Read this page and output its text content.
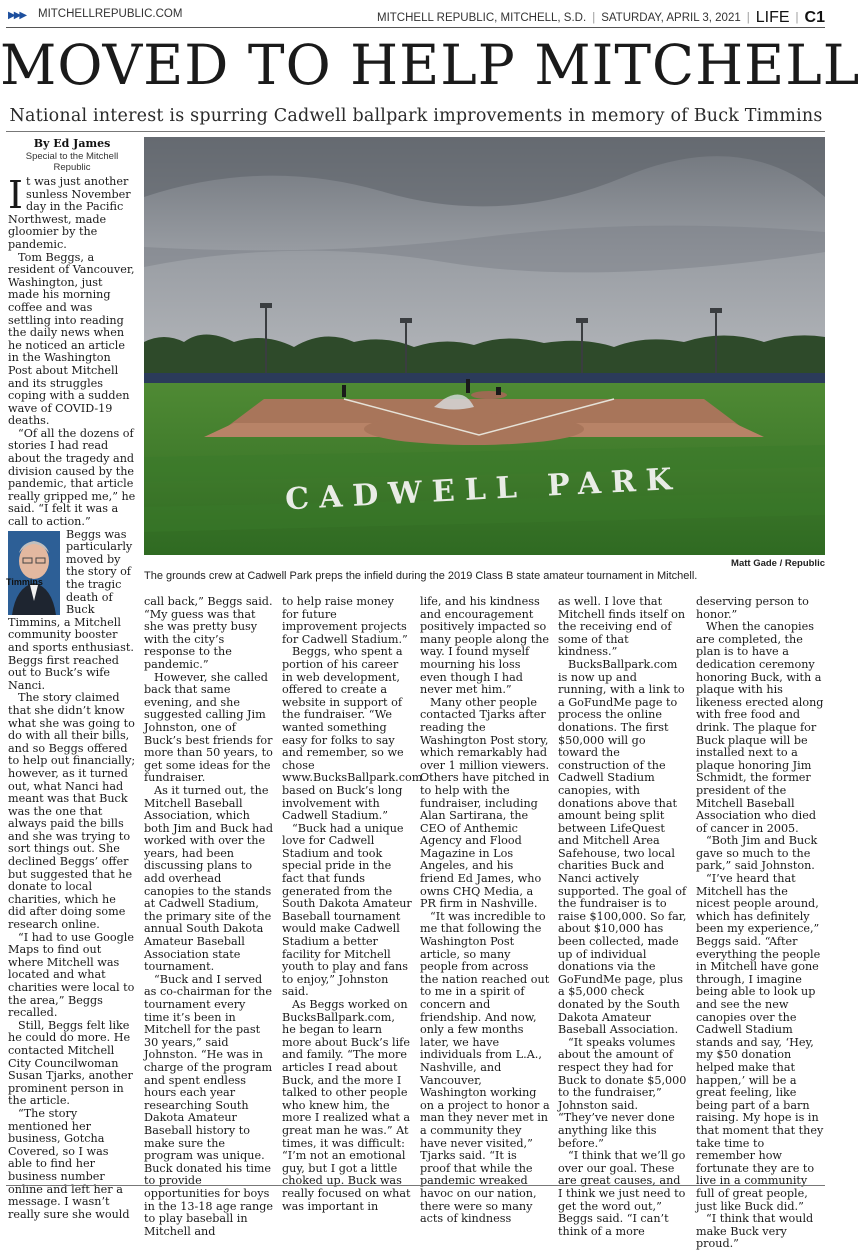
▶▶▶ MITCHELLREPUBLIC.COM	MITCHELL REPUBLIC, MITCHELL, S.D. | SATURDAY, APRIL 3, 2021 | LIFE | C1
MOVED TO HELP MITCHELL
National interest is spurring Cadwell ballpark improvements in memory of Buck Timmins
By Ed James
Special to the Mitchell Republic
CADWELL PARK
Matt Gade / Republic
The grounds crew at Cadwell Park preps the infield during the 2019 Class B state amateur tournament in Mitchell.

It was just another sunless November day in the Pacific Northwest, made gloomier by the pandemic.

Tom Beggs, a resident of Vancouver, Washington, just made his morning coffee and was settling into reading the daily news when he noticed an article in the Washington Post about Mitchell and its struggles coping with a sudden wave of COVID-19 deaths.

“Of all the dozens of stories I had read about the tragedy and division caused by the pandemic, that article really gripped me,” he said. “I felt it was a call to action.”

Beggs was particularly moved by the story of the tragic death of Buck Timmins, a Mitchell community booster and sports enthusiast. Beggs first reached out to Buck’s wife Nanci.

The story claimed that she didn’t know what she was going to do with all their bills, and so Beggs offered to help out financially; however, as it turned out, what Nanci had meant was that Buck was the one that always paid the bills and she was trying to sort things out. She declined Beggs’ offer but suggested that he donate to local charities, which he did after doing some research online.

“I had to use Google Maps to find out where Mitchell was located and what charities were local to the area,” Beggs recalled.

Still, Beggs felt like he could do more. He contacted Mitchell City Councilwoman Susan Tjarks, another prominent person in the article.

“The story mentioned her business, Gotcha Covered, so I was able to find her business number online and left her a message. I wasn’t really sure she would

call back,” Beggs said. “My guess was that she was pretty busy with the city’s response to the pandemic.”

However, she called back that same evening, and she suggested calling Jim Johnston, one of Buck’s best friends for more than 50 years, to get some ideas for the fundraiser.

As it turned out, the Mitchell Baseball Association, which both Jim and Buck had worked with over the years, had been discussing plans to add overhead canopies to the stands at Cadwell Stadium, the primary site of the annual South Dakota Amateur Baseball Association state tournament.

“Buck and I served as co-chairman for the tournament every time it’s been in Mitchell for the past 30 years,” said Johnston. “He was in charge of the program and spent endless hours each year researching South Dakota Amateur Baseball history to make sure the program was unique. Buck donated his time to provide opportunities for boys in the 13-18 age range to play baseball in Mitchell and

to help raise money for future improvement projects for Cadwell Stadium.”

Beggs, who spent a portion of his career in web development, offered to create a website in support of the fundraiser. “We wanted something easy for folks to say and remember, so we chose www.BucksBallpark.com based on Buck’s long involvement with Cadwell Stadium.”

“Buck had a unique love for Cadwell Stadium and took special pride in the fact that funds generated from the South Dakota Amateur Baseball tournament would make Cadwell Stadium a better facility for Mitchell youth to play and fans to enjoy,” Johnston said.

As Beggs worked on BucksBallpark.com, he began to learn more about Buck’s life and family. “The more articles I read about Buck, and the more I talked to other people who knew him, the more I realized what a great man he was.” At times, it was difficult: “I’m not an emotional guy, but I got a little choked up. Buck was really focused on what was important in

life, and his kindness and encouragement positively impacted so many people along the way. I found myself mourning his loss even though I had never met him.”

Many other people contacted Tjarks after reading the Washington Post story, which remarkably had over 1 million viewers. Others have pitched in to help with the fundraiser, including Alan Sartirana, the CEO of Anthemic Agency and Flood Magazine in Los Angeles, and his friend Ed James, who owns CHQ Media, a PR firm in Nashville.

“It was incredible to me that following the Washington Post article, so many people from across the nation reached out to me in a spirit of concern and friendship. And now, only a few months later, we have individuals from L.A., Nashville, and Vancouver, Washington working on a project to honor a man they never met in a community they have never visited,” Tjarks said. “It is proof that while the pandemic wreaked havoc on our nation, there were so many acts of kindness

as well. I love that Mitchell finds itself on the receiving end of some of that kindness.”

BucksBallpark.com is now up and running, with a link to a GoFundMe page to process the online donations. The first $50,000 will go toward the construction of the Cadwell Stadium canopies, with donations above that amount being split between LifeQuest and Mitchell Area Safehouse, two local charities Buck and Nanci actively supported. The goal of the fundraiser is to raise $100,000. So far, about $10,000 has been collected, made up of individual donations via the GoFundMe page, plus a $5,000 check donated by the South Dakota Amateur Baseball Association.

“It speaks volumes about the amount of respect they had for Buck to donate $5,000 to the fundraiser,” Johnston said. “They’ve never done anything like this before.”

“I think that we’ll go over our goal. These are great causes, and I think we just need to get the word out,” Beggs said. “I can’t think of a more

deserving person to honor.”

When the canopies are completed, the plan is to have a dedication ceremony honoring Buck, with a plaque with his likeness erected along with free food and drink. The plaque for Buck plaque will be installed next to a plaque honoring Jim Schmidt, the former president of the Mitchell Baseball Association who died of cancer in 2005.

“Both Jim and Buck gave so much to the park,” said Johnston.

“I’ve heard that Mitchell has the nicest people around, which has definitely been my experience,” Beggs said. “After everything the people in Mitchell have gone through, I imagine being able to look up and see the new canopies over the Cadwell Stadium stands and say, ‘Hey, my $50 donation helped make that happen,’ will be a great feeling, like being part of a barn raising. My hope is in that moment that they take time to remember how fortunate they are to live in a community full of great people, just like Buck did.”

“I think that would make Buck very proud.”

Timmins
